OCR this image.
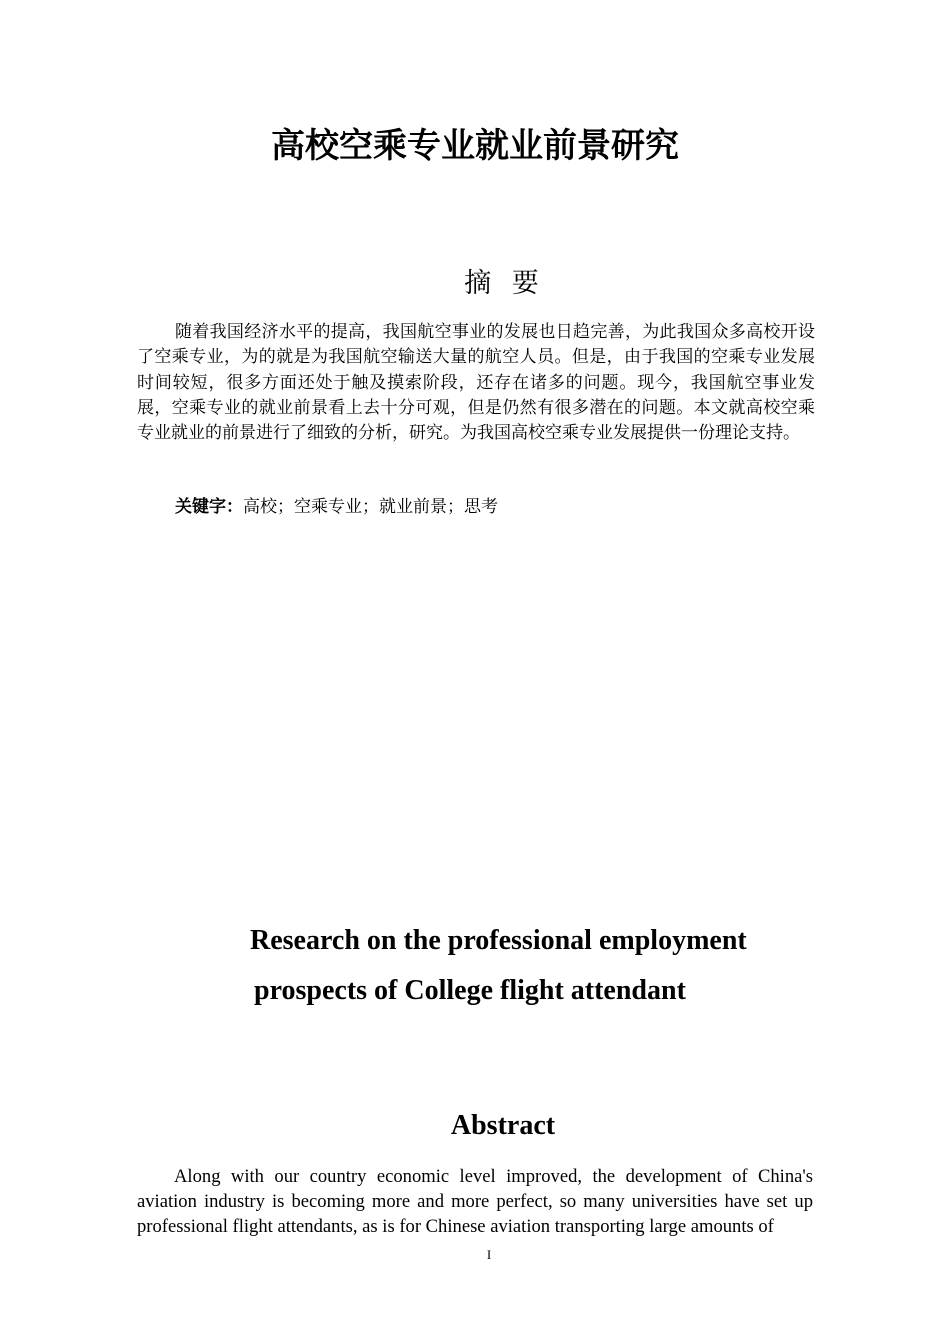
高校空乘专业就业前景研究
摘 要

随着我国经济水平的提高，我国航空事业的发展也日趋完善，为此我国众多高校开设了空乘专业，为的就是为我国航空输送大量的航空人员。但是，由于我国的空乘专业发展时间较短，很多方面还处于触及摸索阶段，还存在诸多的问题。现今，我国航空事业发展，空乘专业的就业前景看上去十分可观，但是仍然有很多潜在的问题。本文就高校空乘专业就业的前景进行了细致的分析，研究。为我国高校空乘专业发展提供一份理论支持。

关键字：高校；空乘专业；就业前景；思考
Research on the professional employment
prospects of College flight attendant
Abstract

Along with our country economic level improved, the development of China's aviation industry is becoming more and more perfect, so many universities have set up professional flight attendants, as is for Chinese aviation transporting large amounts of

I
